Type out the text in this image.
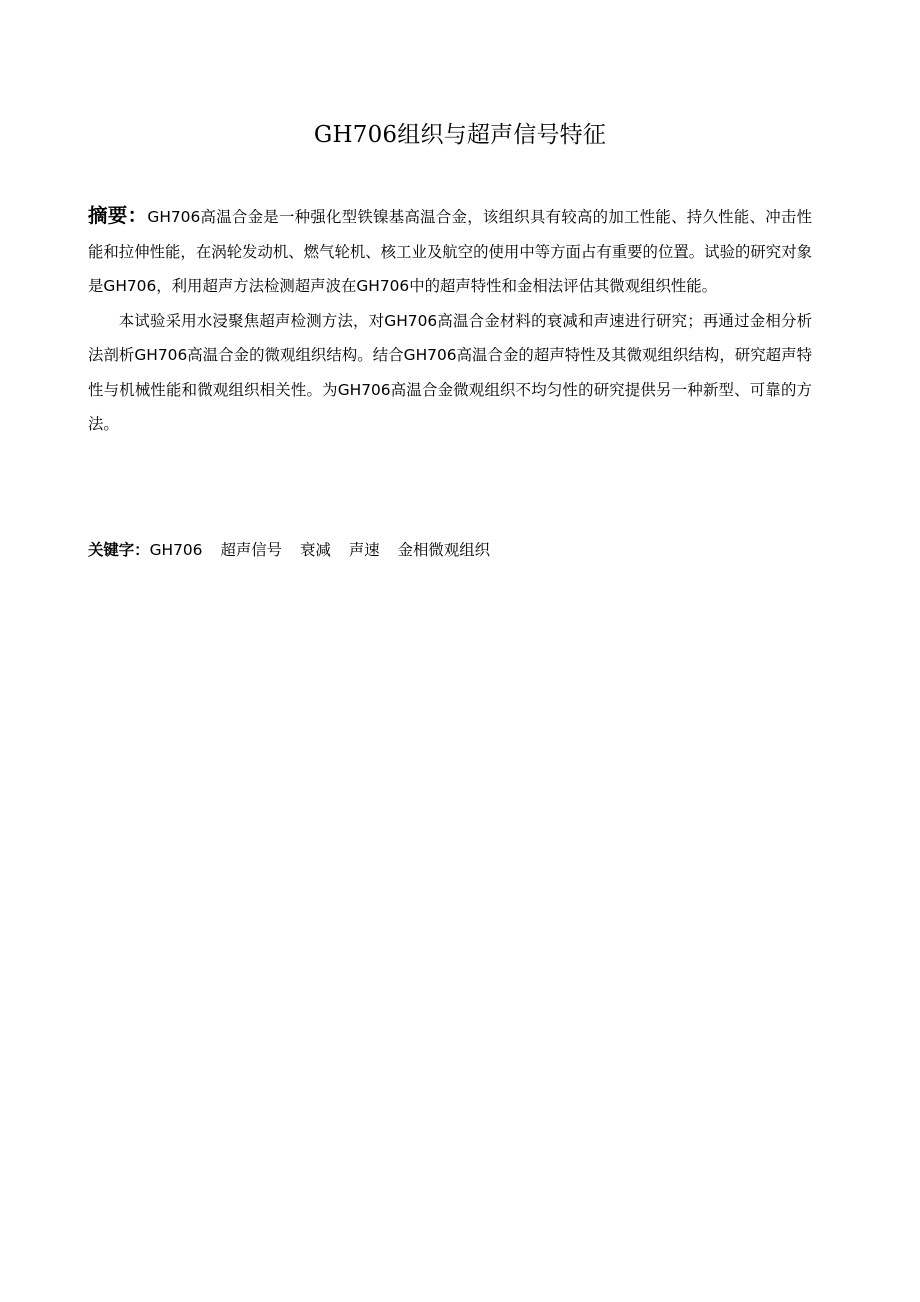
GH706组织与超声信号特征

摘要：GH706高温合金是一种强化型铁镍基高温合金，该组织具有较高的加工性能、持久性能、冲击性能和拉伸性能，在涡轮发动机、燃气轮机、核工业及航空的使用中等方面占有重要的位置。试验的研究对象是GH706，利用超声方法检测超声波在GH706中的超声特性和金相法评估其微观组织性能。

本试验采用水浸聚焦超声检测方法，对GH706高温合金材料的衰减和声速进行研究；再通过金相分析法剖析GH706高温合金的微观组织结构。结合GH706高温合金的超声特性及其微观组织结构，研究超声特性与机械性能和微观组织相关性。为GH706高温合金微观组织不均匀性的研究提供另一种新型、可靠的方法。

关键字：GH706 超声信号 衰减 声速 金相微观组织
